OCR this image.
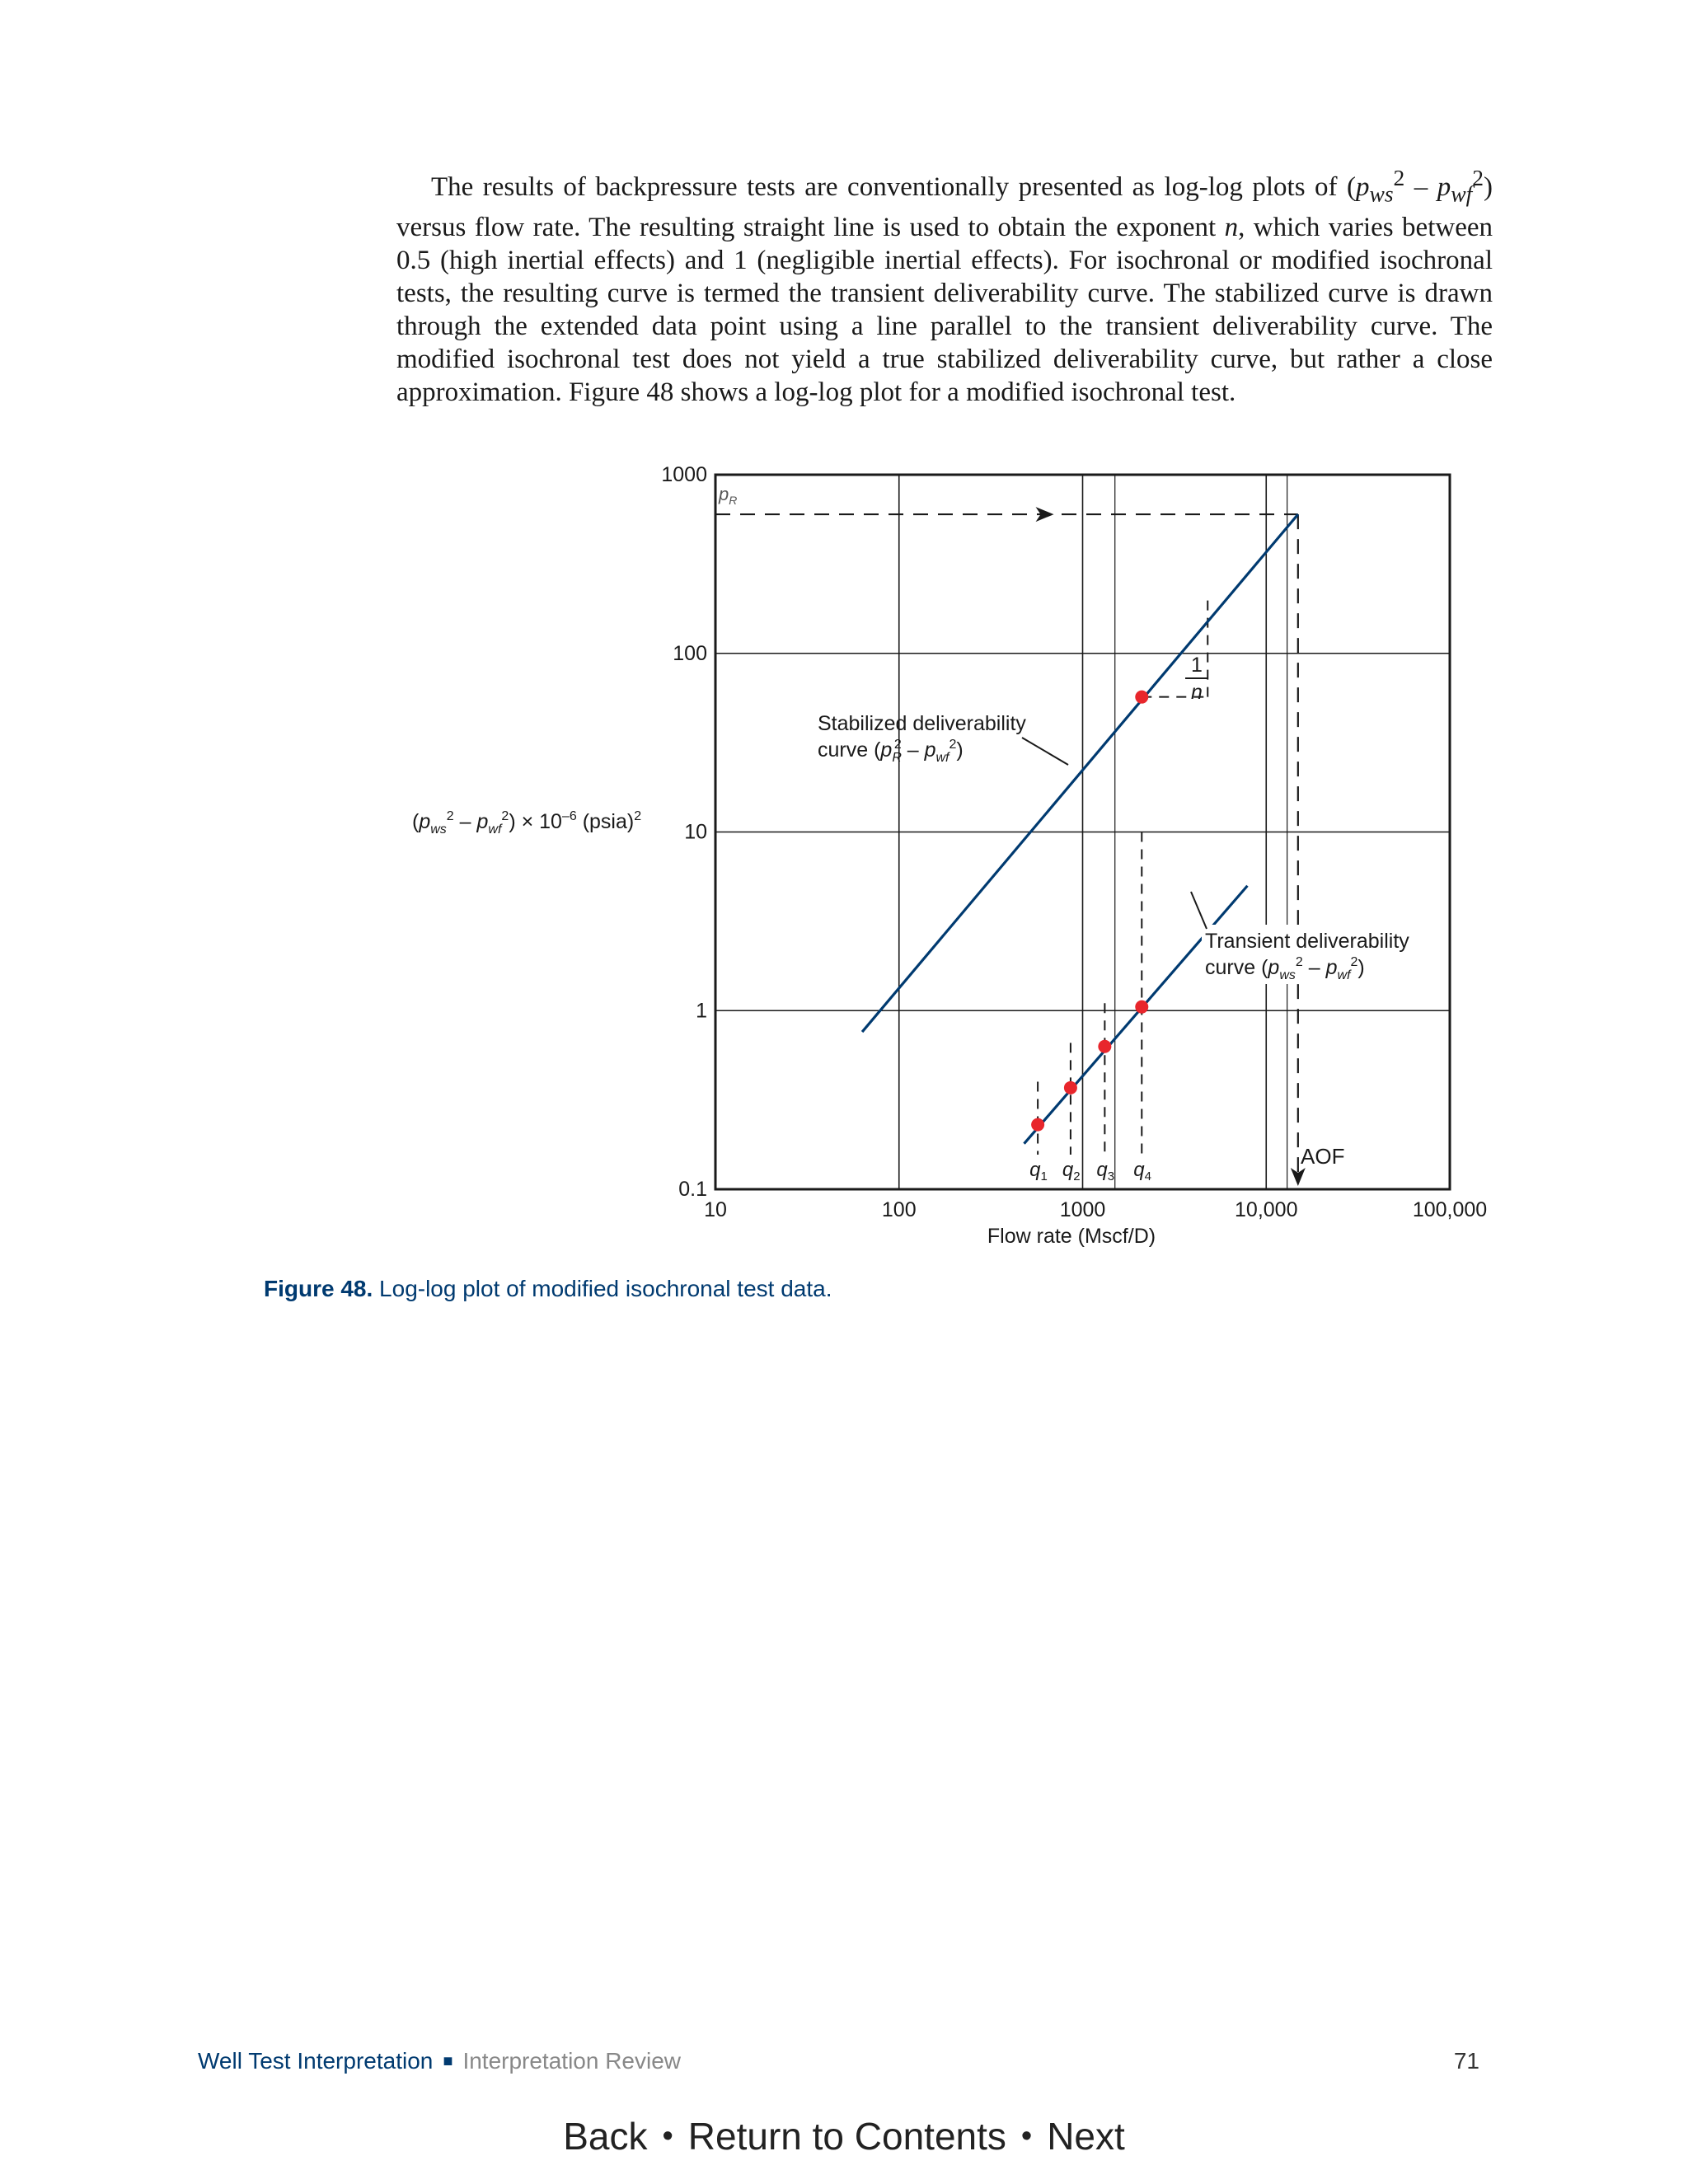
The results of backpressure tests are conventionally presented as log-log plots of $(p_{ws}^2 - p_{wf}^2)$ versus flow rate. The resulting straight line is used to obtain the exponent n, which varies between 0.5 (high inertial effects) and 1 (negligible inertial effects). For isochronal or modified isochronal tests, the resulting curve is termed the transient deliverability curve. The stabilized curve is drawn through the extended data point using a line parallel to the transient deliverability curve. The modified isochronal test does not yield a true stabilized deliverability curve, but rather a close approximation. Figure 48 shows a log-log plot for a modified isochronal test.

10	100	1000	10,000	100,000
0.1
1
10
100
1000
Flow rate (Mscf/D)
$(p_{ws}^2 - p_{wf}^2) \times 10^{-6}$ (psia)$^2$
$p_R$
Stabilized deliverability
curve $(p_R2 - p_{wf}^2)$
Transient deliverability
curve $(p_{ws}^2 - p_{wf}^2)$
1
n
AOF
$q_1$ $q_2$ $q_3$ $q_4$
Figure 48. Log-log plot of modified isochronal test data.
Well Test Interpretation ■ Interpretation Review	71
Back • Return to Contents • Next
